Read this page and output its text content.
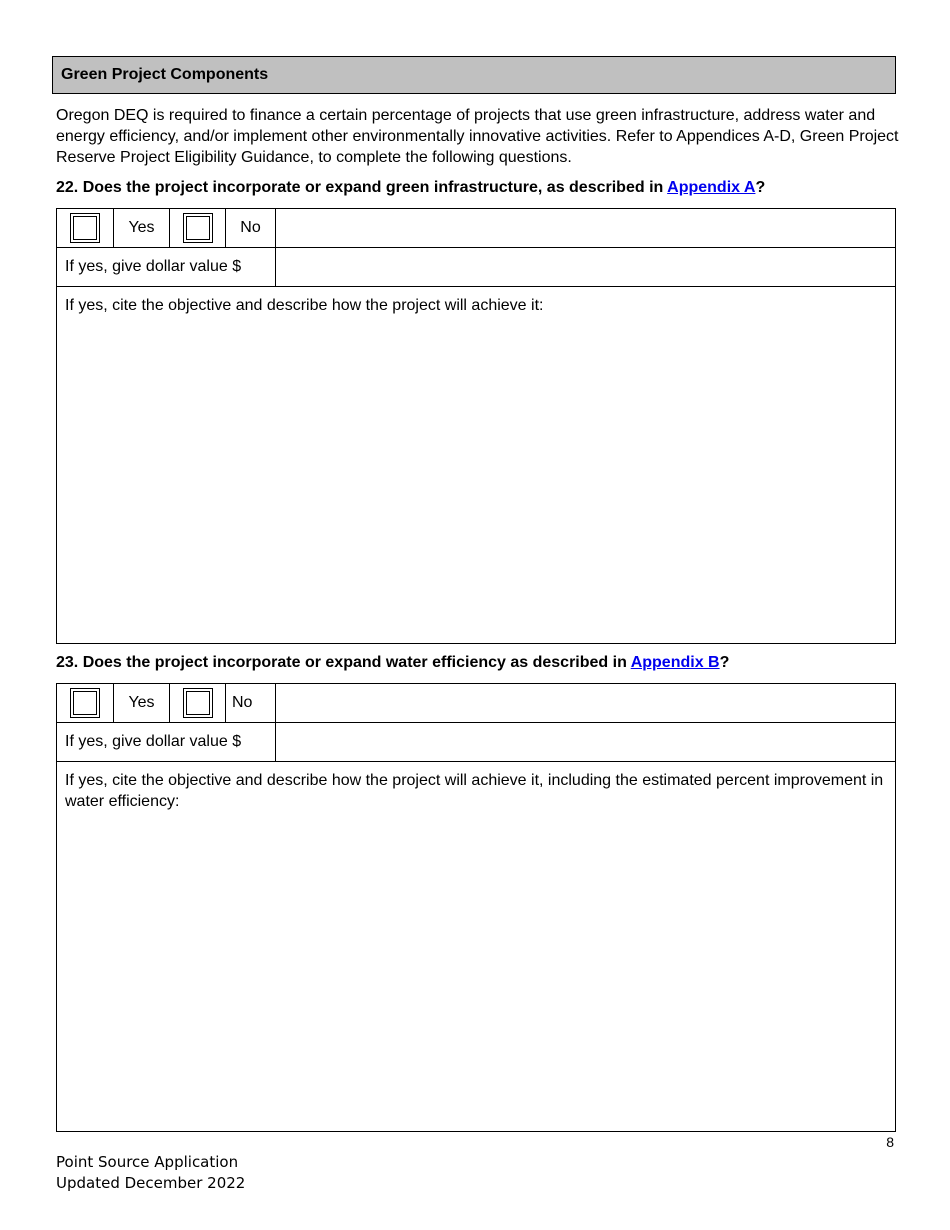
Green Project Components
Oregon DEQ is required to finance a certain percentage of projects that use green infrastructure, address water and energy efficiency, and/or implement other environmentally innovative activities. Refer to Appendices A-D, Green Project Reserve Project Eligibility Guidance, to complete the following questions.
22. Does the project incorporate or expand green infrastructure, as described in Appendix A?
	Yes		No	
If yes, give dollar value $				
If yes, cite the objective and describe how the project will achieve it:				
23. Does the project incorporate or expand water efficiency as described in Appendix B?
	Yes		No	
If yes, give dollar value $				
If yes, cite the objective and describe how the project will achieve it, including the estimated percent improvement in water efficiency:				
8
Point Source Application
Updated December 2022
